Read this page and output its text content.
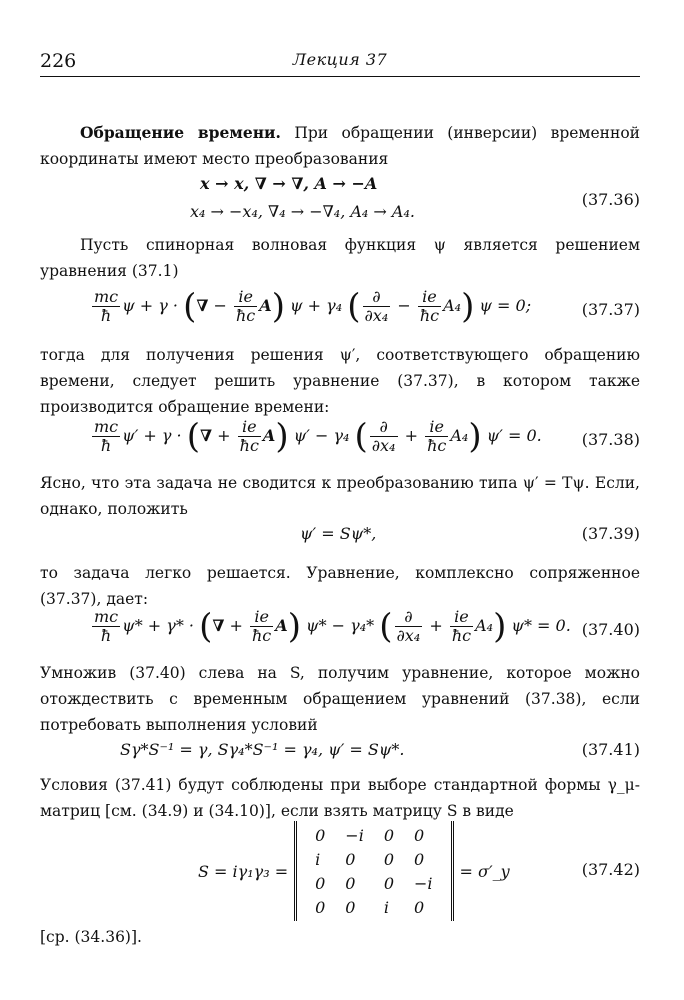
226	Лекция 37
Обращение времени. При обращении (инверсии) временной координаты имеют место преобразования
x → x, ∇ → ∇, A → −A
x₄ → −x₄, ∇₄ → −∇₄, A₄ → A₄.
(37.36)
Пусть спинорная волновая функция ψ является решением уравнения (37.1)
$\frac{mc}{ħ}$ ψ + γ · (∇ − $\frac{ie}{ħc} A$) ψ + γ₄ ( $\frac{\partial}{\text{∂x₄}} - \frac{ie}{ħc} A_4$) ψ = 0;	(37.37)
тогда для получения решения ψ′, соответствующего обращению времени, следует решить уравнение (37.37), в котором также производится обращение времени:
$\frac{mc}{ħ} \psi' + \gamma$ · (∇ + $\frac{ie}{ħc} A$) ψ′ − γ₄ ( $\frac{\partial}{\text{∂x₄}} + \frac{ie}{ħc} A_4$) ψ′ = 0. (37.38)
Ясно, что эта задача не сводится к преобразованию типа ψ′ = Tψ. Если, однако, положить
ψ′ = Sψ*,	(37.39)
то задача легко решается. Уравнение, комплексно сопряженное (37.37), дает:
$\frac{mc}{ħ} \psi* + \gamma*$ · (∇ + $\frac{ie}{ħc} A$) ψ* − γ₄* ( $\frac{\partial}{\text{∂x₄}} + \frac{ie}{ħc} A_4$) ψ* = 0. (37.40)
Умножив (37.40) слева на S, получим уравнение, которое можно отождествить с временным обращением уравнений (37.38), если потребовать выполнения условий
Sγ*S⁻¹ = γ, Sγ₄*S⁻¹ = γ₄, ψ′ = Sψ*.	(37.41)
Условия (37.41) будут соблюдены при выборе стандартной формы γ_μ-матриц [см. (34.9) и (34.10)], если взять матрицу S в виде
S = iγ₁γ₃ =
0	−i	0	0
i	0	0	0
0	0	0	−i
0	0	i	0
= σ′_y	(37.42)
[ср. (34.36)].
